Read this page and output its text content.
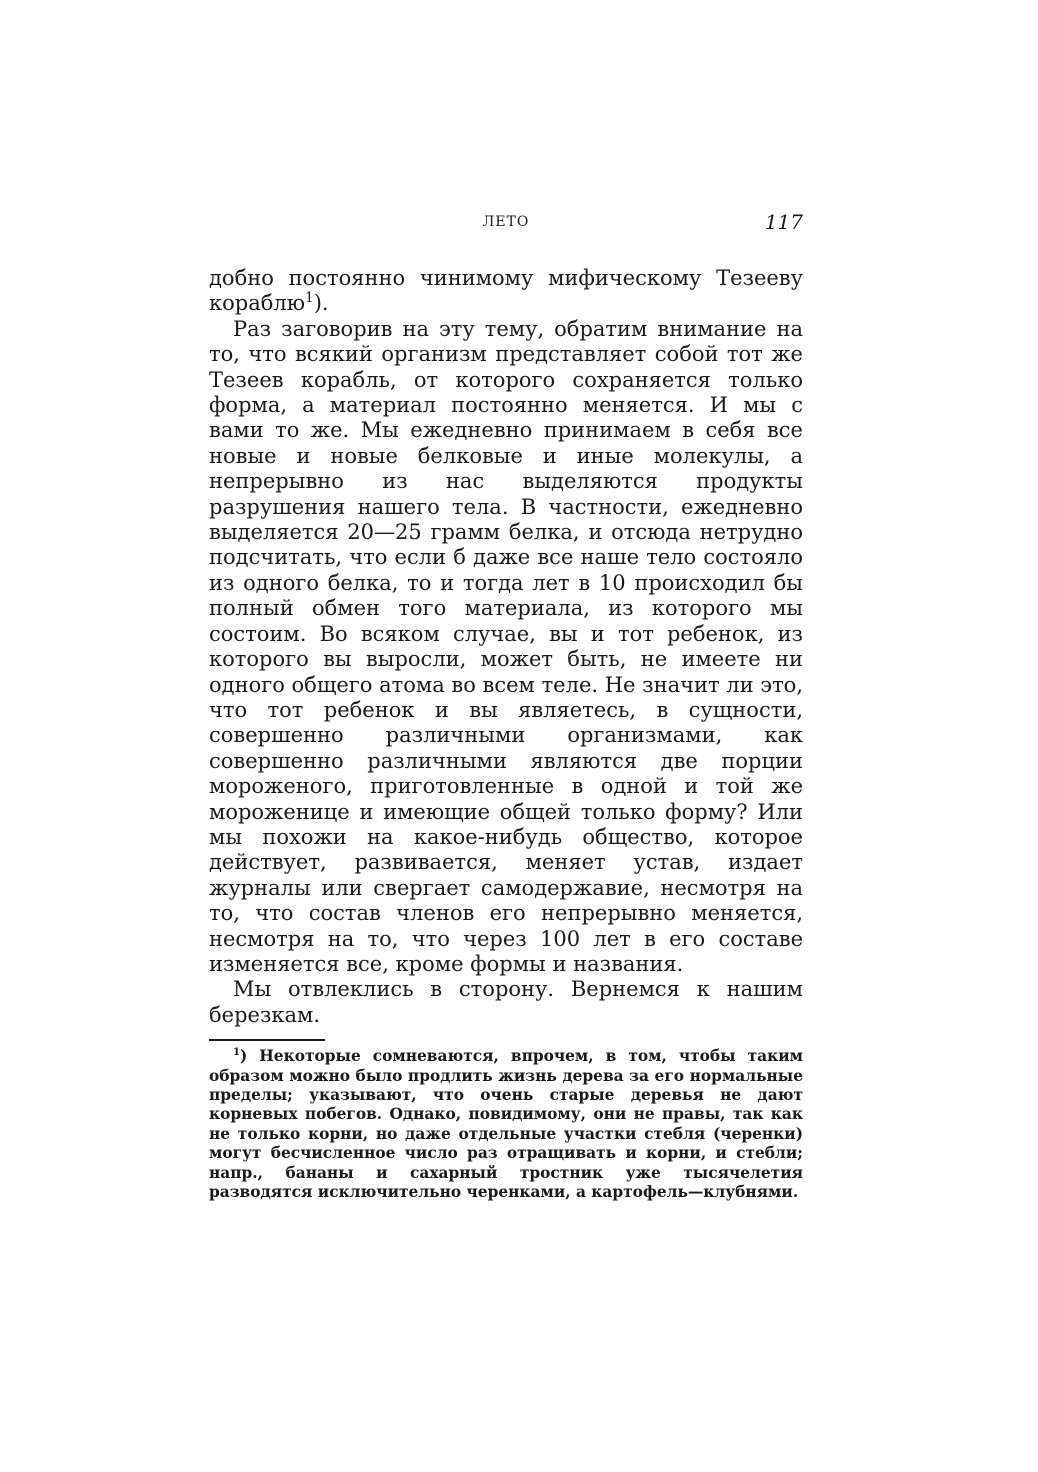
ЛЕТО	117

добно постоянно чинимому мифическому Тезееву кораблю$^1$).

Раз заговорив на эту тему, обратим внимание на то, что всякий организм представляет собой тот же Тезеев корабль, от которого сохраняется только форма, а материал постоянно меняется. И мы с вами то же. Мы ежедневно принимаем в себя все новые и новые белковые и иные молекулы, а непрерывно из нас выделяются продукты разрушения нашего тела. В частности, ежедневно выделяется 20—25 грамм белка, и отсюда нетрудно подсчитать, что если б даже все наше тело состояло из одного белка, то и тогда лет в 10 происходил бы полный обмен того материала, из которого мы состоим. Во всяком случае, вы и тот ребенок, из которого вы выросли, может быть, не имеете ни одного общего атома во всем теле. Не значит ли это, что тот ребенок и вы являетесь, в сущности, совершенно различными организмами, как совершенно различными являются две порции мороженого, приготовленные в одной и той же мороженице и имеющие общей только форму? Или мы похожи на какое-нибудь общество, которое действует, развивается, меняет устав, издает журналы или свергает самодержавие, несмотря на то, что состав членов его непрерывно меняется, несмотря на то, что через 100 лет в его составе изменяется все, кроме формы и названия.

Мы отвлеклись в сторону. Вернемся к нашим березкам.

$^1$) Некоторые сомневаются, впрочем, в том, чтобы таким образом можно было продлить жизнь дерева за его нормальные пределы; указывают, что очень старые деревья не дают корневых побегов. Однако, повидимому, они не правы, так как не только корни, но даже отдельные участки стебля (черенки) могут бесчисленное число раз отращивать и корни, и стебли; напр., бананы и сахарный тростник уже тысячелетия разводятся исключительно черенками, а картофель—клубнями.
